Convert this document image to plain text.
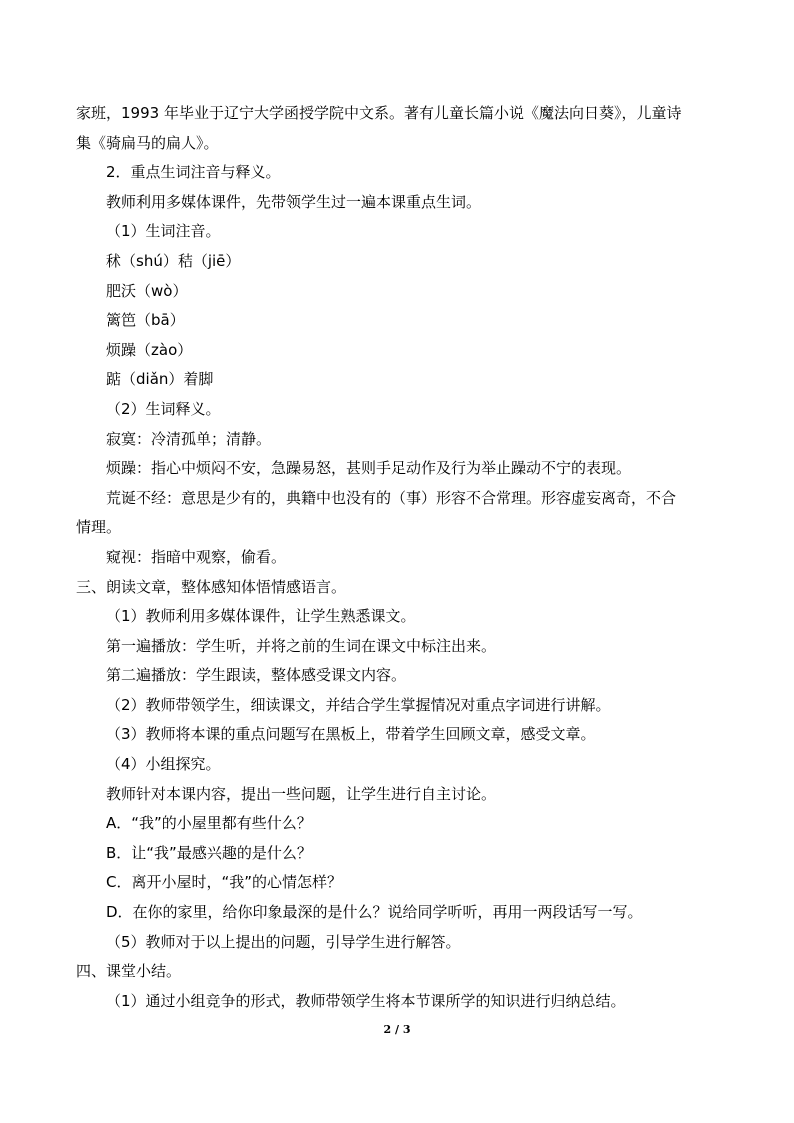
家班，1993 年毕业于辽宁大学函授学院中文系。著有儿童长篇小说《魔法向日葵》，儿童诗
集《骑扁马的扁人》。
2．重点生词注音与释义。
教师利用多媒体课件，先带领学生过一遍本课重点生词。
（1）生词注音。
秫（shú）秸（jiē）
肥沃（wò）
篱笆（bā）
烦躁（zào）
踮（diǎn）着脚
（2）生词释义。
寂寞：冷清孤单；清静。
烦躁：指心中烦闷不安，急躁易怒，甚则手足动作及行为举止躁动不宁的表现。
荒诞不经：意思是少有的，典籍中也没有的（事）形容不合常理。形容虚妄离奇，不合
情理。
窥视：指暗中观察，偷看。
三、朗读文章，整体感知体悟情感语言。
（1）教师利用多媒体课件，让学生熟悉课文。
第一遍播放：学生听，并将之前的生词在课文中标注出来。
第二遍播放：学生跟读，整体感受课文内容。
（2）教师带领学生，细读课文，并结合学生掌握情况对重点字词进行讲解。
（3）教师将本课的重点问题写在黑板上，带着学生回顾文章，感受文章。
（4）小组探究。
教师针对本课内容，提出一些问题，让学生进行自主讨论。
A．“我”的小屋里都有些什么？
B．让“我”最感兴趣的是什么？
C．离开小屋时，“我”的心情怎样？
D．在你的家里，给你印象最深的是什么？说给同学听听，再用一两段话写一写。
（5）教师对于以上提出的问题，引导学生进行解答。
四、课堂小结。
（1）通过小组竞争的形式，教师带领学生将本节课所学的知识进行归纳总结。
2 / 3
